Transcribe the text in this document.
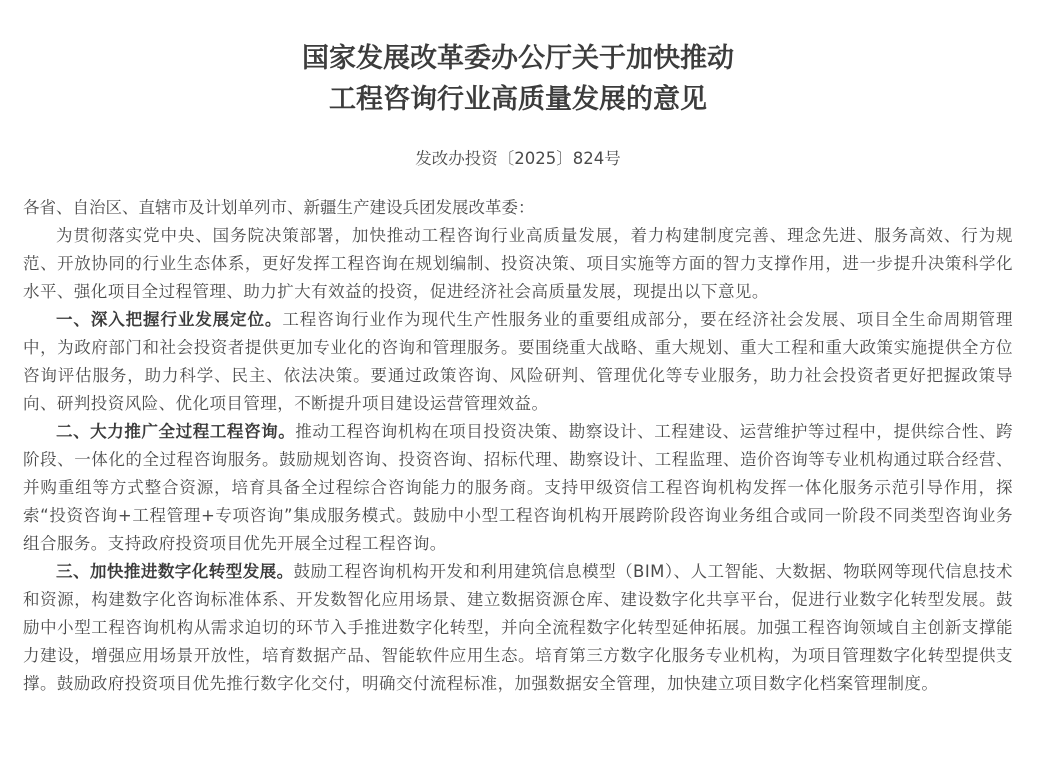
国家发展改革委办公厅关于加快推动
工程咨询行业高质量发展的意见
发改办投资〔2025〕824号
各省、自治区、直辖市及计划单列市、新疆生产建设兵团发展改革委：

为贯彻落实党中央、国务院决策部署，加快推动工程咨询行业高质量发展，着力构建制度完善、理念先进、服务高效、行为规范、开放协同的行业生态体系，更好发挥工程咨询在规划编制、投资决策、项目实施等方面的智力支撑作用，进一步提升决策科学化水平、强化项目全过程管理、助力扩大有效益的投资，促进经济社会高质量发展，现提出以下意见。

一、深入把握行业发展定位。工程咨询行业作为现代生产性服务业的重要组成部分，要在经济社会发展、项目全生命周期管理中，为政府部门和社会投资者提供更加专业化的咨询和管理服务。要围绕重大战略、重大规划、重大工程和重大政策实施提供全方位咨询评估服务，助力科学、民主、依法决策。要通过政策咨询、风险研判、管理优化等专业服务，助力社会投资者更好把握政策导向、研判投资风险、优化项目管理，不断提升项目建设运营管理效益。

二、大力推广全过程工程咨询。推动工程咨询机构在项目投资决策、勘察设计、工程建设、运营维护等过程中，提供综合性、跨阶段、一体化的全过程咨询服务。鼓励规划咨询、投资咨询、招标代理、勘察设计、工程监理、造价咨询等专业机构通过联合经营、并购重组等方式整合资源，培育具备全过程综合咨询能力的服务商。支持甲级资信工程咨询机构发挥一体化服务示范引导作用，探索“投资咨询+工程管理+专项咨询”集成服务模式。鼓励中小型工程咨询机构开展跨阶段咨询业务组合或同一阶段不同类型咨询业务组合服务。支持政府投资项目优先开展全过程工程咨询。

三、加快推进数字化转型发展。鼓励工程咨询机构开发和利用建筑信息模型（BIM）、人工智能、大数据、物联网等现代信息技术和资源，构建数字化咨询标准体系、开发数智化应用场景、建立数据资源仓库、建设数字化共享平台，促进行业数字化转型发展。鼓励中小型工程咨询机构从需求迫切的环节入手推进数字化转型，并向全流程数字化转型延伸拓展。加强工程咨询领域自主创新支撑能力建设，增强应用场景开放性，培育数据产品、智能软件应用生态。培育第三方数字化服务专业机构，为项目管理数字化转型提供支撑。鼓励政府投资项目优先推行数字化交付，明确交付流程标准，加强数据安全管理，加快建立项目数字化档案管理制度。
